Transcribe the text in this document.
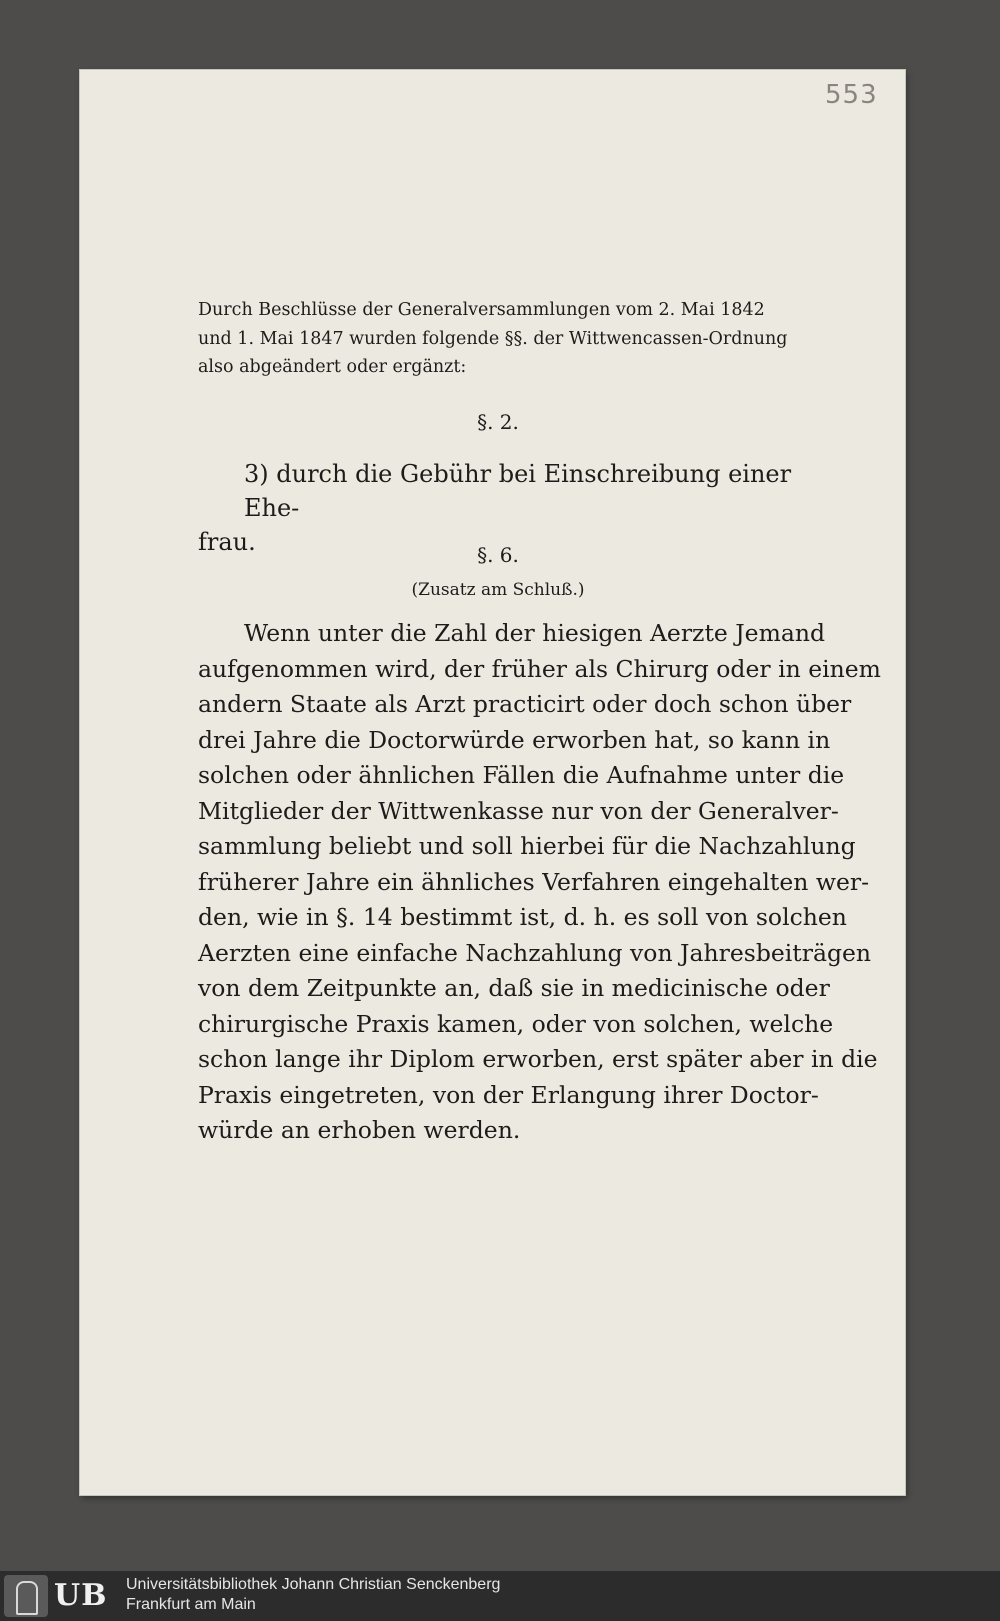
553
Durch Beschlüsse der Generalversammlungen vom 2. Mai 1842
und 1. Mai 1847 wurden folgende §§. der Wittwencassen-Ordnung
also abgeändert oder ergänzt:
§. 2.
3) durch die Gebühr bei Einschreibung einer Ehe-
frau.	§. 6.
(Zusatz am Schluß.)
Wenn unter die Zahl der hiesigen Aerzte Jemand
aufgenommen wird, der früher als Chirurg oder in einem
andern Staate als Arzt practicirt oder doch schon über
drei Jahre die Doctorwürde erworben hat, so kann in
solchen oder ähnlichen Fällen die Aufnahme unter die
Mitglieder der Wittwenkasse nur von der Generalver-
sammlung beliebt und soll hierbei für die Nachzahlung
früherer Jahre ein ähnliches Verfahren eingehalten wer-
den, wie in §. 14 bestimmt ist, d. h. es soll von solchen
Aerzten eine einfache Nachzahlung von Jahresbeiträgen
von dem Zeitpunkte an, daß sie in medicinische oder
chirurgische Praxis kamen, oder von solchen, welche
schon lange ihr Diplom erworben, erst später aber in die
Praxis eingetreten, von der Erlangung ihrer Doctor-
würde an erhoben werden.
UB Universitätsbibliothek Johann Christian Senckenberg
Frankfurt am Main
